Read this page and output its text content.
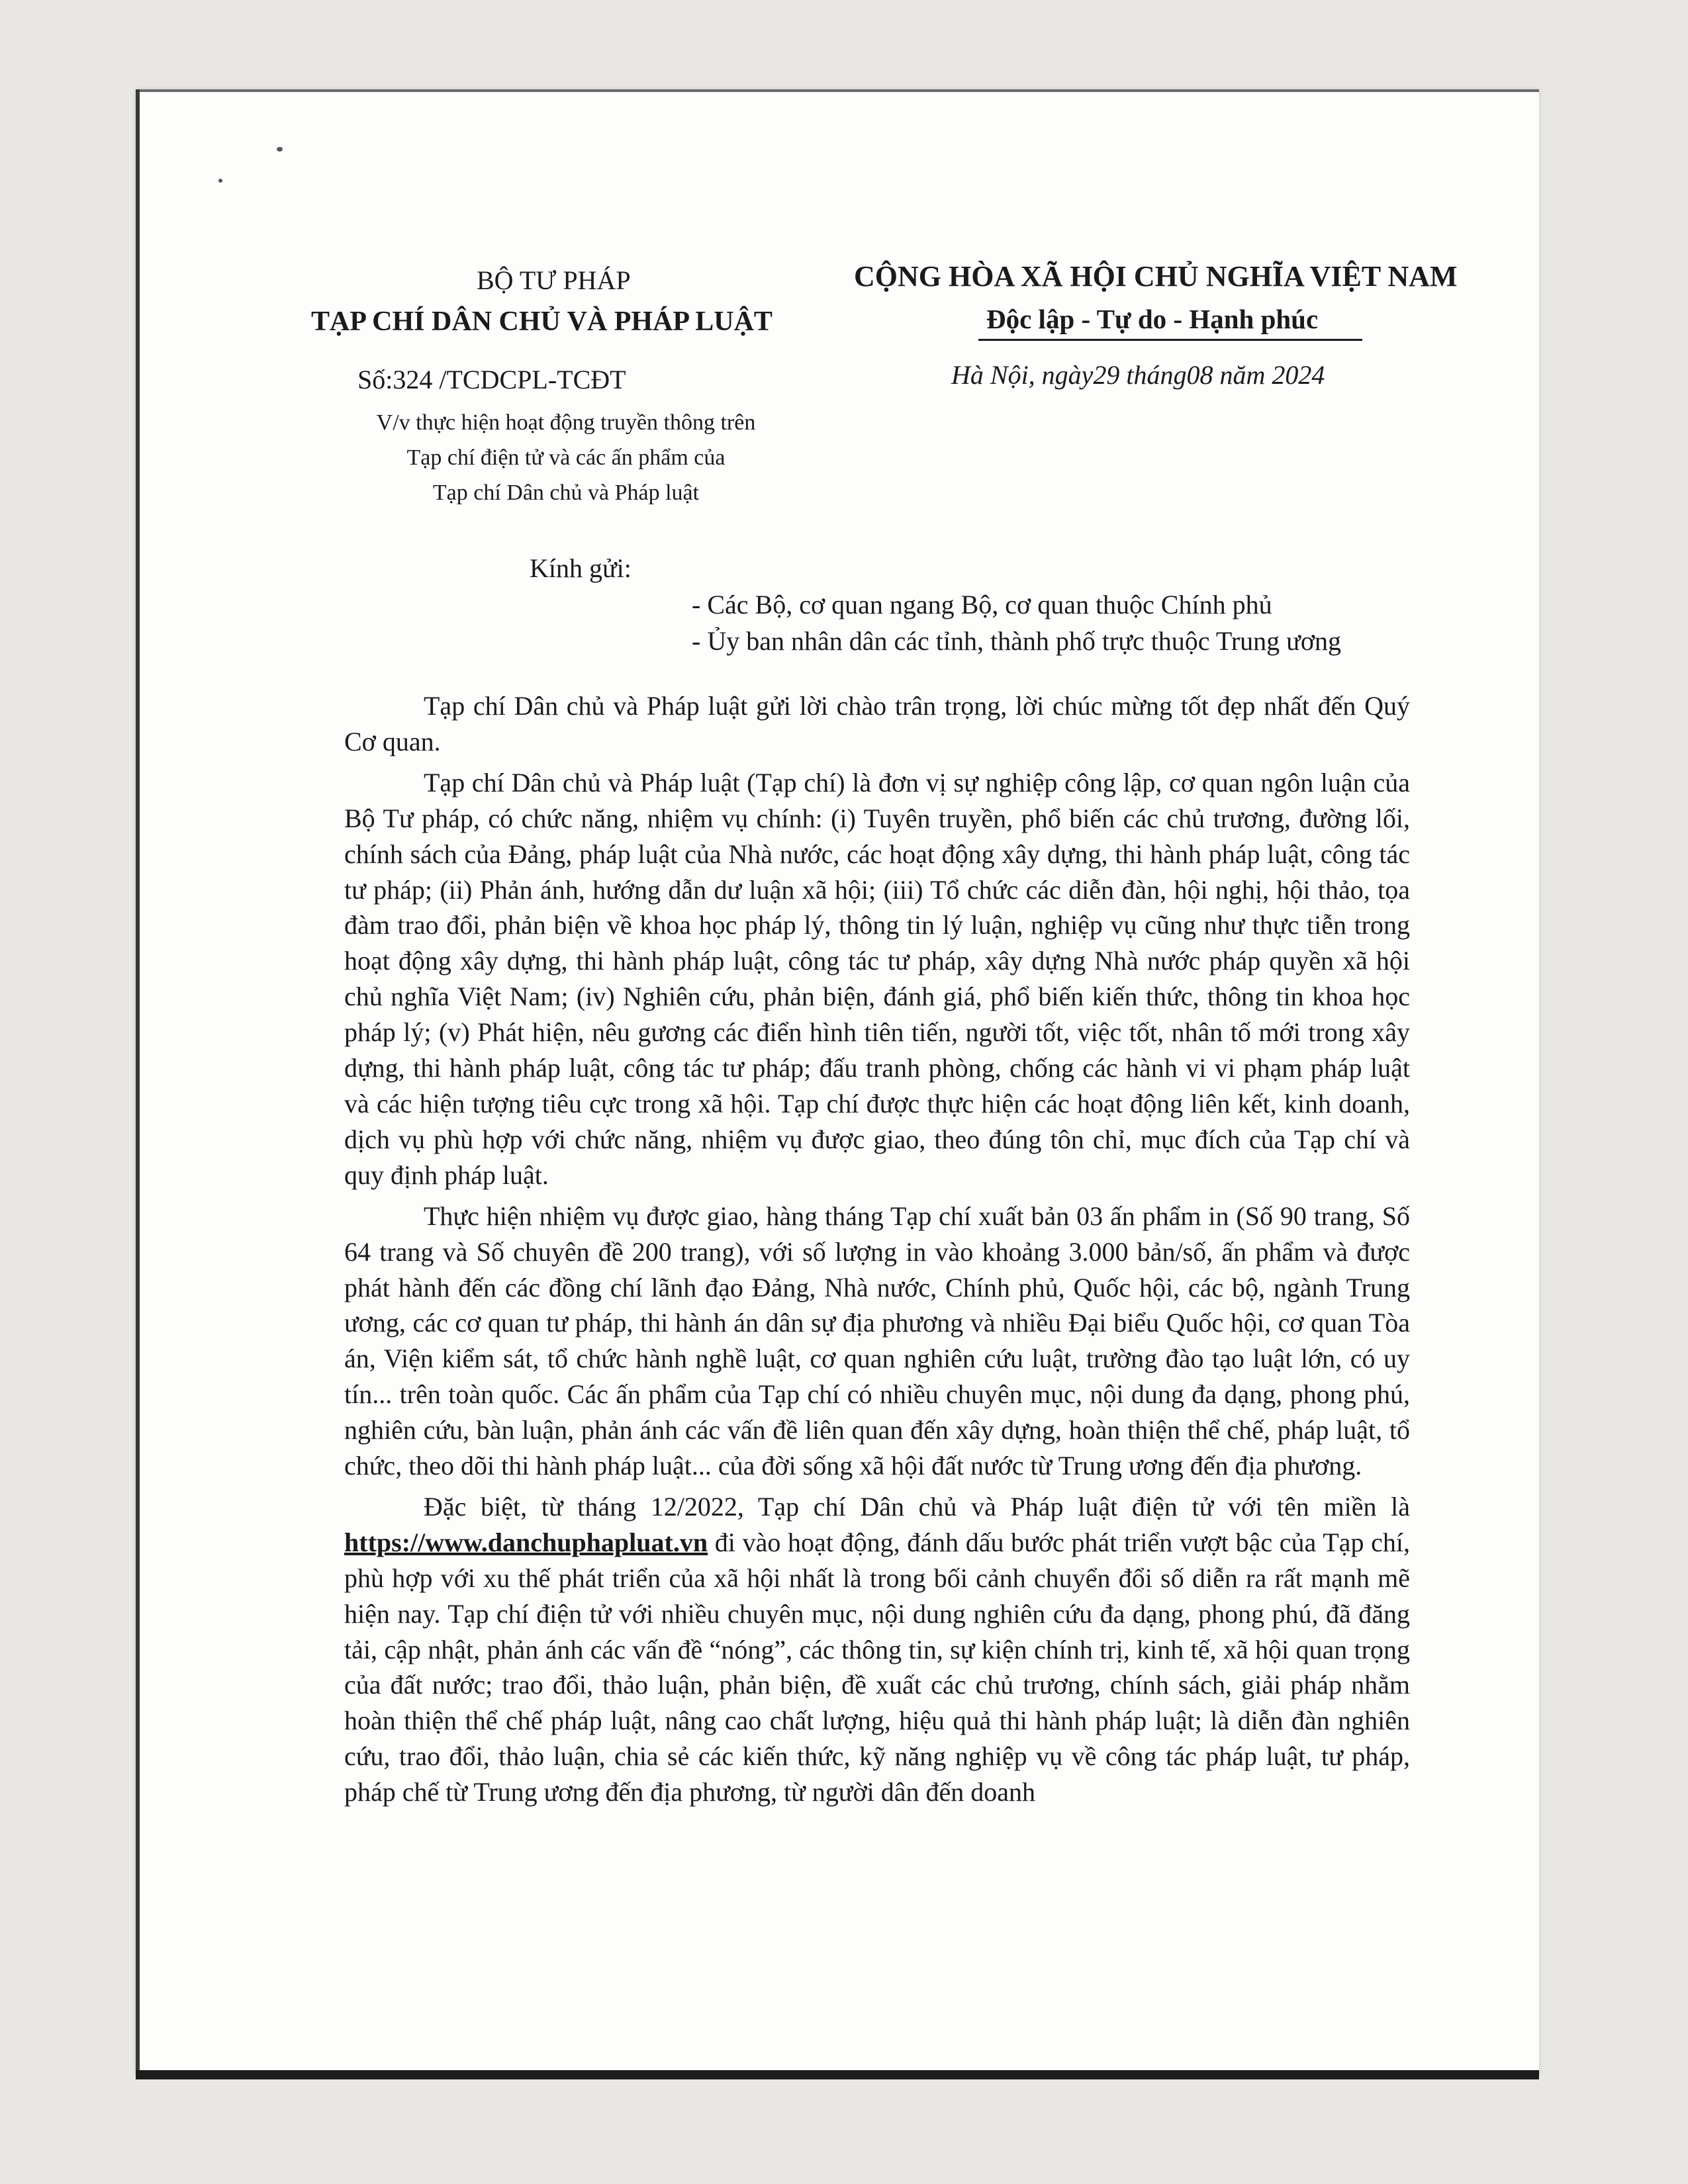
BỘ TƯ PHÁP
TẠP CHÍ DÂN CHỦ VÀ PHÁP LUẬT
CỘNG HÒA XÃ HỘI CHỦ NGHĨA VIỆT NAM
Độc lập - Tự do - Hạnh phúc
Số:324 /TCDCPL-TCĐT	Hà Nội, ngày29 tháng08 năm 2024
V/v thực hiện hoạt động truyền thông trên
Tạp chí điện tử và các ấn phẩm của
Tạp chí Dân chủ và Pháp luật
Kính gửi:
- Các Bộ, cơ quan ngang Bộ, cơ quan thuộc Chính phủ
- Ủy ban nhân dân các tỉnh, thành phố trực thuộc Trung ương

Tạp chí Dân chủ và Pháp luật gửi lời chào trân trọng, lời chúc mừng tốt đẹp nhất đến Quý Cơ quan.

Tạp chí Dân chủ và Pháp luật (Tạp chí) là đơn vị sự nghiệp công lập, cơ quan ngôn luận của Bộ Tư pháp, có chức năng, nhiệm vụ chính: (i) Tuyên truyền, phổ biến các chủ trương, đường lối, chính sách của Đảng, pháp luật của Nhà nước, các hoạt động xây dựng, thi hành pháp luật, công tác tư pháp; (ii) Phản ánh, hướng dẫn dư luận xã hội; (iii) Tổ chức các diễn đàn, hội nghị, hội thảo, tọa đàm trao đổi, phản biện về khoa học pháp lý, thông tin lý luận, nghiệp vụ cũng như thực tiễn trong hoạt động xây dựng, thi hành pháp luật, công tác tư pháp, xây dựng Nhà nước pháp quyền xã hội chủ nghĩa Việt Nam; (iv) Nghiên cứu, phản biện, đánh giá, phổ biến kiến thức, thông tin khoa học pháp lý; (v) Phát hiện, nêu gương các điển hình tiên tiến, người tốt, việc tốt, nhân tố mới trong xây dựng, thi hành pháp luật, công tác tư pháp; đấu tranh phòng, chống các hành vi vi phạm pháp luật và các hiện tượng tiêu cực trong xã hội. Tạp chí được thực hiện các hoạt động liên kết, kinh doanh, dịch vụ phù hợp với chức năng, nhiệm vụ được giao, theo đúng tôn chỉ, mục đích của Tạp chí và quy định pháp luật.

Thực hiện nhiệm vụ được giao, hàng tháng Tạp chí xuất bản 03 ấn phẩm in (Số 90 trang, Số 64 trang và Số chuyên đề 200 trang), với số lượng in vào khoảng 3.000 bản/số, ấn phẩm và được phát hành đến các đồng chí lãnh đạo Đảng, Nhà nước, Chính phủ, Quốc hội, các bộ, ngành Trung ương, các cơ quan tư pháp, thi hành án dân sự địa phương và nhiều Đại biểu Quốc hội, cơ quan Tòa án, Viện kiểm sát, tổ chức hành nghề luật, cơ quan nghiên cứu luật, trường đào tạo luật lớn, có uy tín... trên toàn quốc. Các ấn phẩm của Tạp chí có nhiều chuyên mục, nội dung đa dạng, phong phú, nghiên cứu, bàn luận, phản ánh các vấn đề liên quan đến xây dựng, hoàn thiện thể chế, pháp luật, tổ chức, theo dõi thi hành pháp luật... của đời sống xã hội đất nước từ Trung ương đến địa phương.

Đặc biệt, từ tháng 12/2022, Tạp chí Dân chủ và Pháp luật điện tử với tên miền là https://www.danchuphapluat.vn đi vào hoạt động, đánh dấu bước phát triển vượt bậc của Tạp chí, phù hợp với xu thế phát triển của xã hội nhất là trong bối cảnh chuyển đổi số diễn ra rất mạnh mẽ hiện nay. Tạp chí điện tử với nhiều chuyên mục, nội dung nghiên cứu đa dạng, phong phú, đã đăng tải, cập nhật, phản ánh các vấn đề “nóng”, các thông tin, sự kiện chính trị, kinh tế, xã hội quan trọng của đất nước; trao đổi, thảo luận, phản biện, đề xuất các chủ trương, chính sách, giải pháp nhằm hoàn thiện thể chế pháp luật, nâng cao chất lượng, hiệu quả thi hành pháp luật; là diễn đàn nghiên cứu, trao đổi, thảo luận, chia sẻ các kiến thức, kỹ năng nghiệp vụ về công tác pháp luật, tư pháp, pháp chế từ Trung ương đến địa phương, từ người dân đến doanh
